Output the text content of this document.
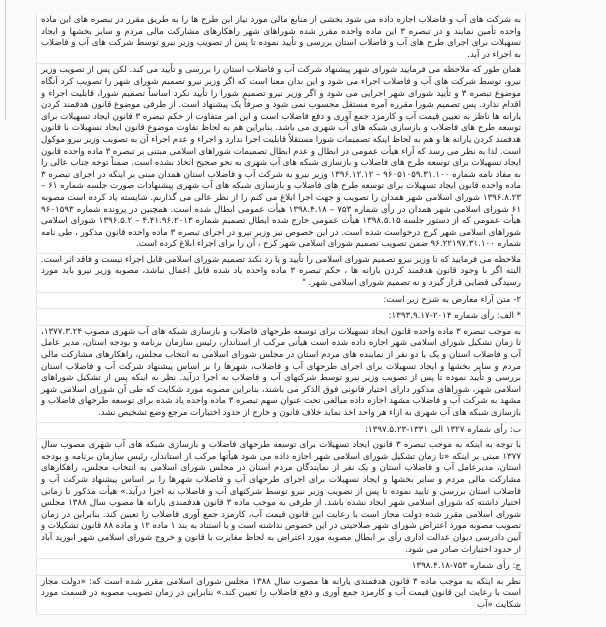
به شرکت های آب و فاضلاب اجازه داده می شود بخشی از منابع مالی مورد نیاز این طرح ها را به طریق مقرر در تبصره های این ماده واحده تأمین نمایند و در تبصره ۳ این ماده واحده مقرر شده شوراهای شهر راهکارهای مشارکت مالی مردم و سایر بخشها و ایجاد تسهیلات برای اجرای طرح های آب و فاضلاب استان بررسی و تأیید نموده تا پس از تصویب وزیر نیرو توسط شرکت های آب و فاضلاب به اجراء در آید.
همان طور که ملاحظه می فرمایید شورای شهر پیشنهاد شرکت آب و فاضلاب استان را بررسی و تأیید می کند. لکن پس از تصویب وزیر نیرو، توسط شرکت های آب و فاضلاب اجراء می شود و این بدان معنا است که اگر وزیر نیرو تصمیم شورای شهر را تصویب کرد آنگاه موضوع تبصره ۳ و تأیید شورای شهر اجرایی می شود و اگر وزیر نیرو تصمیم شورا را تأیید نکرد اساساً تصمیم شورا، قابلیت اجراء و اقدام ندارد. پس تصمیم شورا مقرره آمره مستقل محسوب نمی شود و صرفاً یک پیشنهاد است. از طرفی موضوع قانون هدفمند کردن یارانه ها ناظر به تعیین قیمت آب و کارمزد جمع آوری و دفع فاضلاب است و این امر متفاوت از حکم تبصره ۳ قانون ایجاد تسهیلات برای توسعه طرح های فاضلاب و بازسازی شبکه های آب شهری می باشد. بنابراین هم به لحاظ تفاوت موضوع قانون ایجاد تسهیلات با قانون هدفمند کردن یارانه ها و هم به لحاظ اینکه تصمیمات شورا مستقلاً قابلیت اجرا ندارد و اجراء و عدم اجراء آن به تصویب وزیر نیرو موکول است. لذا به نظر می رسد که آراء هیأت عمومی در ابطال و عدم ابطال تصمیمات شوراهای اسلامی مبتنی بر تبصره ۳ ماده واحده قانون ایجاد تسهیلات برای توسعه طرح های فاضلاب و بازسازی شبکه های آب شهری به نحو صحیح اتخاذ نشده است. ضمناً توجه جناب عالی را به مفاد نامه شماره ۹۶۰۵۱۰۵۹.۳۱.۱۰۰ – ۱۳۹۶.۱۲.۱۲ وزیر نیرو به شرکت آب و فاضلاب استان همدان مبنی بر اینکه در اجرای تبصره ۳ ماده واحده قانون ایجاد تسهیلات برای توسعه طرح های فاضلاب و بازسازی شبکه های آب شهری پیشنهادات صورت جلسه شماره ۶۱ – ۱۳۹۶.۸.۲۳ شورای اسلامی شهر همدان را تصویب و جهت اجرا ابلاغ می کنم را از نظر عالی می گذارنم. شایسته یاد کرده است مصوبه ۶۱ شورای اسلامی شهر همدان در رأی شماره ۷۵۳ – ۱۳۹۸.۴.۱۸ هیأت عمومی ابطال شده است. همچنین در پرونده شماره ۹۶۰۱۵۹۳ هیأت عمومی که از دستور جلسه ۱۳۹۸.۵.۱۵ هیأت عمومی خارج شده ابطال تصمیم شماره ۴.۴۱.۹۶.۲۰۱۳ – ۱۳۹۶.۵.۲ شورای اسلامی شوراهای اسلامی شهر کرج درخواست شده است. در این خصوص نیز وزیر نیرو در اجرای تبصره ۳ ماده واحده قانون مذکور ، طی نامه شماره ۹۶.۲۲۱۹۷.۳۱.۱۰۰ ضمن تصویب تصمیم شورای اسلامی شهر کرج ، آن را برای اجراء ابلاغ کرده است.
ملاحظه می فرمایید که تا وزیر نیرو تصمیم شورای اسلامی را تأیید و یا رد نکند تصمیم شورای اسلامی قابل اجراء نیست و فاقد اثر است. البته اگر با وجود قانون هدفمند کردن یارانه ها ، حکم تبصره ۳ ماده واحده یاد شده قابل اعمال نباشد، مصوبه وزیر نیرو باید مورد رسیدگی قضایی قرار گیرد و نه تصمیم شورای اسلامی شهر. "
۲- متن آراء معارض به شرح زیر است:
* الف: رأی شماره ۲۰۱۴-۱۳۹۳.۹.۱۷:
به موجب تبصره ۳ ماده واحده قانون ایجاد تسهیلات برای توسعه طرحهای فاضلاب و بازسازی شبکه های آب شهری مصوب ۱۳۷۷.۳.۲۴، تا زمان تشکیل شورای اسلامی شهر اجازه داده شده است هیأتی مرکب از استاندار، رئیس سازمان برنامه و بودجه استان، مدیر عامل آب و فاضلاب استان و یک یا دو نفر از نماینده های مردم استان در مجلس شورای اسلامی به انتخاب مجلس، راهکارهای مشارکت مالی مردم و سایر بخشها و ایجاد تسهیلات برای اجرای طرحهای آب و فاضلاب، شهرها را بر اساس پیشنهاد شرکت آب و فاضلاب استان بررسی و تأیید نموده تا پس از تصویب وزیر نیرو توسط شرکتهای آب و فاضلاب به اجرا درآید. نظر به اینکه پس از تشکیل شوراهای اسلامی شهر، شوراهای مذکور دارای اختیار قانونی فوق الذکر می باشند، بنابراین مصوبه مورد شکایت که طی آن شورای اسلامی شهر مشهد به شرکت آب و فاضلاب مشهد اجازه داده مبالغی تحت عنوان سهم تبصره ۳ ماده واحده یاد شده برای توسعه طرحهای فاضلاب و بازسازی شبکه های آب شهری به ازاء هر واحد اخذ نماید خلاف قانون و خارج از حدود اختیارات مرجع وضع تشخیص نشد.
ب: رأی شماره ۱۳۲۷ الی ۱۳۳۱-۱۳۹۷.۵.۲۳:
با توجه به اینکه به موجب تبصره ۳ قانون ایجاد تسهیلات برای توسعه طرحهای فاضلاب و بازسازی شبکه های آب شهری مصوب سال ۱۳۷۷ مبنی بر اینکه «تا زمان تشکیل شورای اسلامی شهر اجازه داده می شود هیأتها مرکب از استاندار، رئیس سازمان برنامه و بودجه استان، مدیرعامل آب و فاضلاب استان و یک نفر از نمایندگان مردم استان در مجلس شورای اسلامی به انتخاب مجلس، راهکارهای مشارکت مالی مردم و سایر بخشها و ایجاد تسهیلات برای اجرای طرحهای آب و فاضلاب شهرها را بر اساس پیشنهاد شرکت آب و فاضلاب استان بررسی و تایید نموده تا پس از تصویب وزیر نیرو توسط شرکتهای آب و فاضلاب به اجرا درآید.» هیأت مذکور تا زمانی اختیار داشته که شورای اسلامی شهر ایجاد نشده باشد. از طرفی به موجب ماده ۳ قانون هدفمندی یارانه ها مصوب سال ۱۳۸۸ مجلس شورای اسلامی مقرر شده دولت مجاز است با رعایت این قانون قیمت آب، کارمزد جمع آوری فاضلاب را تعیین کند. بنابراین در زمان تصویب مصوبه مورد اعتراض شورای شهر صلاحیتی در این خصوص نداشته است و با استناد به بند ۱ ماده ۱۲ و ماده ۸۸ قانون تشکیلات و آیین دادرسی دیوان عدالت اداری رأی بر ابطال مصوبه مورد اعتراض به لحاظ مغایرت با قانون و خروج شورای اسلامی شهر ابوزید آباد از حدود اختیارات صادر می شود.
ج: رأی شماره ۷۵۳-۱۳۹۸.۴.۱۸
نظر به اینکه به موجب ماده ۳ قانون هدفمندی یارانه ها مصوب سال ۱۳۸۸ مجلس شورای اسلامی مقرر شده است که: «دولت مجاز است با رعایت این قانون قیمت آب و کارمزد جمع آوری و دفع فاضلاب را تعیین کند.» بنابراین در زمان تصویب مصوبه در قسمت مورد شکایت «آب
